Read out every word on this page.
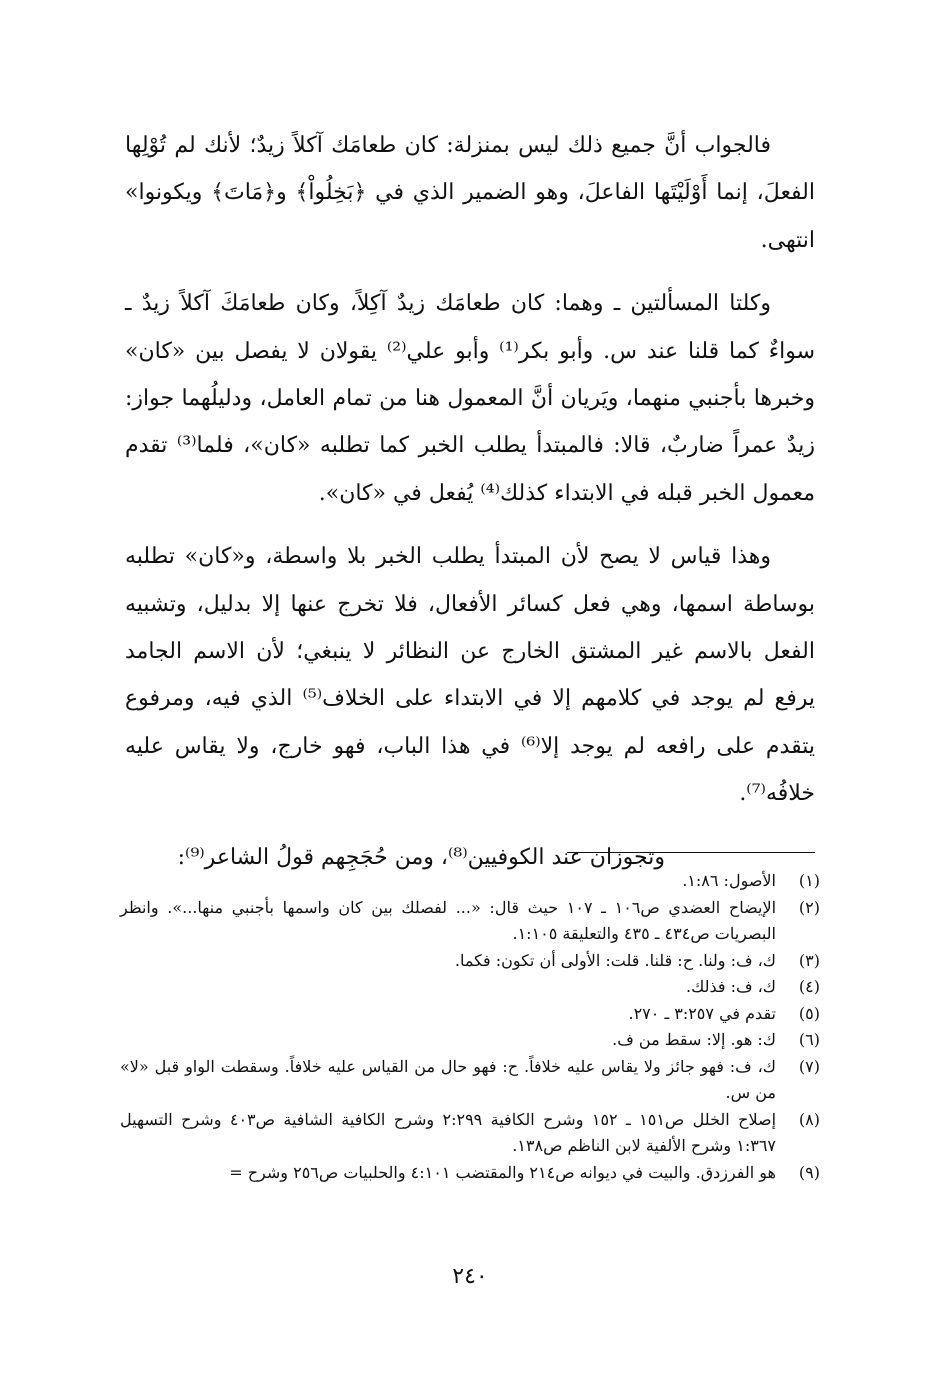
فالجواب أنَّ جميع ذلك ليس بمنزلة: كان طعامَك آكلاً زيدٌ؛ لأنك لم تُوْلِها الفعلَ، إنما أَوْلَيْتَها الفاعلَ، وهو الضمير الذي في ﴿بَخِلُواْ﴾ و﴿مَاتَ﴾ ويكونوا» انتهى.

وكلتا المسألتين ـ وهما: كان طعامَك زيدٌ آكِلاً، وكان طعامَكَ آكلاً زيدٌ ـ سواءٌ كما قلنا عند س. وأبو بكر⁽¹⁾ وأبو علي⁽²⁾ يقولان لا يفصل بين «كان» وخبرها بأجنبي منهما، ويَريان أنَّ المعمول هنا من تمام العامل، ودليلُهما جواز: زيدٌ عمراً ضاربٌ، قالا: فالمبتدأ يطلب الخبر كما تطلبه «كان»، فلما⁽³⁾ تقدم معمول الخبر قبله في الابتداء كذلك⁽⁴⁾ يُفعل في «كان».

وهذا قياس لا يصح لأن المبتدأ يطلب الخبر بلا واسطة، و«كان» تطلبه بوساطة اسمها، وهي فعل كسائر الأفعال، فلا تخرج عنها إلا بدليل، وتشبيه الفعل بالاسم غير المشتق الخارج عن النظائر لا ينبغي؛ لأن الاسم الجامد يرفع لم يوجد في كلامهم إلا في الابتداء على الخلاف⁽⁵⁾ الذي فيه، ومرفوع يتقدم على رافعه لم يوجد إلا⁽⁶⁾ في هذا الباب، فهو خارج، ولا يقاس عليه خلافُه⁽⁷⁾.

وتجوزان عند الكوفيين⁽⁸⁾، ومن حُجَجِهم قولُ الشاعر⁽⁹⁾:

(١)
الأصول: ١:٨٦.
(٢)
الإيضاح العضدي ص١٠٦ ـ ١٠٧ حيث قال: «... لفصلك بين كان واسمها بأجنبي منها...». وانظر البصريات ص٤٣٤ ـ ٤٣٥ والتعليقة ١:١٠٥.
(٣)
ك، ف: ولنا. ح: قلنا. قلت: الأولى أن تكون: فكما.
(٤)
ك، ف: فذلك.
(٥)
تقدم في ٣:٢٥٧ ـ ٢٧٠.
(٦)
ك: هو. إلا: سقط من ف.
(٧)
ك، ف: فهو جائز ولا يقاس عليه خلافاً. ح: فهو حال من القياس عليه خلافاً. وسقطت الواو قبل «لا» من س.
(٨)
إصلاح الخلل ص١٥١ ـ ١٥٢ وشرح الكافية ٢:٢٩٩ وشرح الكافية الشافية ص٤٠٣ وشرح التسهيل ١:٣٦٧ وشرح الألفية لابن الناظم ص١٣٨.
(٩)
هو الفرزدق. والبيت في ديوانه ص٢١٤ والمقتضب ٤:١٠١ والحلبيات ص٢٥٦ وشرح =
٢٤٠
